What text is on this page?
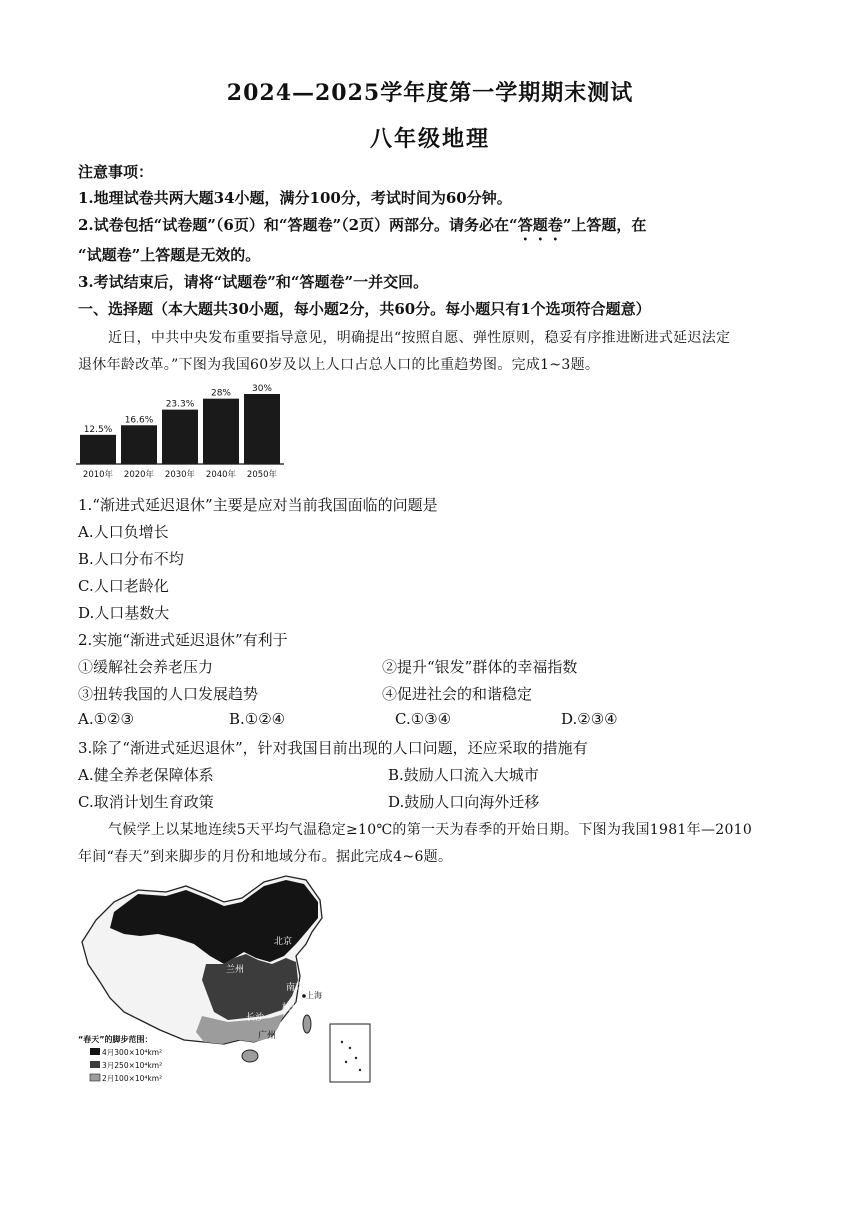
2024—2025学年度第一学期期末测试
八年级地理
注意事项：
1.地理试卷共两大题34小题，满分100分，考试时间为60分钟。
2.试卷包括“试卷题”（6页）和“答题卷”（2页）两部分。请务必在“答题卷”上答题，在
“试题卷”上答题是无效的。
3.考试结束后，请将“试题卷”和“答题卷”一并交回。
一、选择题（本大题共30小题，每小题2分，共60分。每小题只有1个选项符合题意）
近日，中共中央发布重要指导意见，明确提出“按照自愿、弹性原则，稳妥有序推进断进式延迟法定
退休年龄改革。”下图为我国60岁及以上人口占总人口的比重趋势图。完成1~3题。
12.5%
2010年
16.6%
2020年
23.3%
2030年
28%
2040年
30%
2050年
1.“渐进式延迟退休”主要是应对当前我国面临的问题是
A.人口负增长
B.人口分布不均
C.人口老龄化
D.人口基数大
2.实施“渐进式延迟退休”有利于
①缓解社会养老压力	②提升“银发”群体的幸福指数
③扭转我国的人口发展趋势	④促进社会的和谐稳定
A.①②③	B.①②④	C.①③④	D.②③④
3.除了“渐进式延迟退休”，针对我国目前出现的人口问题，还应采取的措施有
A.健全养老保障体系	B.鼓励人口流入大城市
C.取消计划生育政策	D.鼓励人口向海外迁移
气候学上以某地连续5天平均气温稳定≥10℃的第一天为春季的开始日期。下图为我国1981年—2010
年间“春天”到来脚步的月份和地域分布。据此完成4~6题。
北京
兰州
南京
上海
杭州
长沙
广州
“春天”的脚步范围：
4月300×10⁴km²
3月250×10⁴km²
2月100×10⁴km²
